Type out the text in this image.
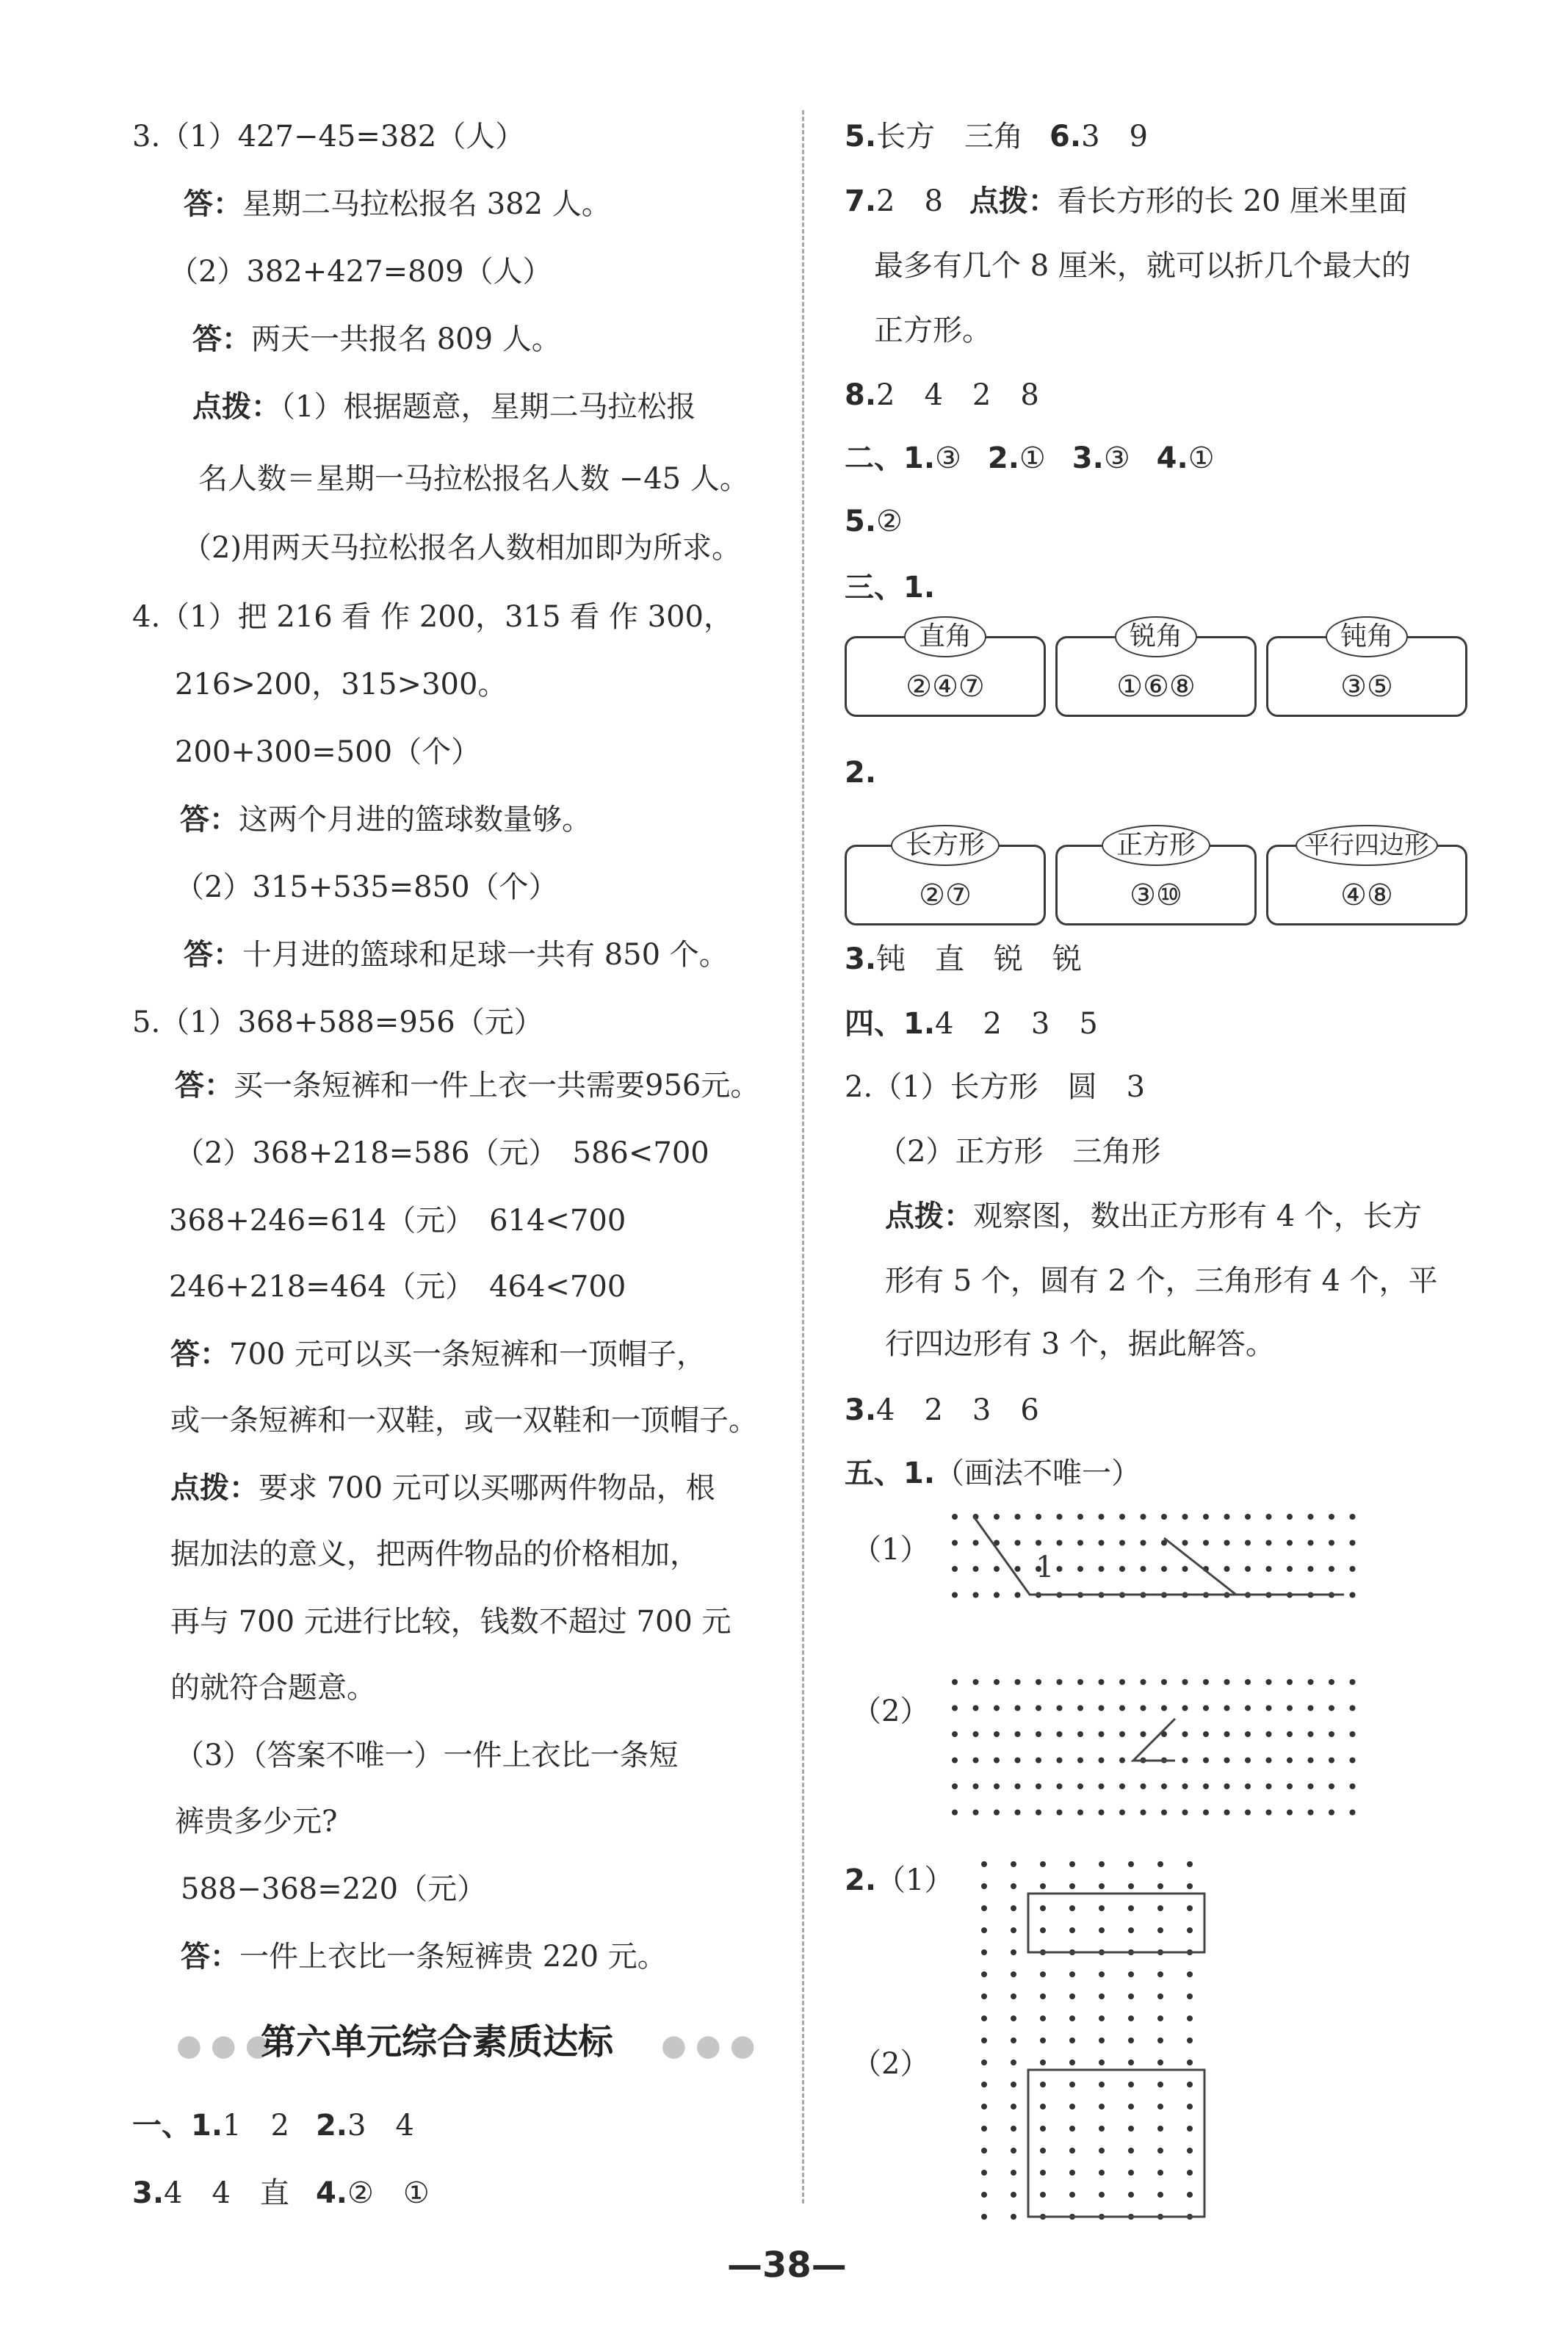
3.（1）427−45=382（人）
答：星期二马拉松报名 382 人。
（2）382+427=809（人）
答：两天一共报名 809 人。
点拨：（1）根据题意，星期二马拉松报
名人数＝星期一马拉松报名人数 −45 人。
（2)用两天马拉松报名人数相加即为所求。
4.（1）把 216 看 作 200，315 看 作 300，
216>200，315>300。
200+300=500（个）
答：这两个月进的篮球数量够。
（2）315+535=850（个）
答：十月进的篮球和足球一共有 850 个。
5.（1）368+588=956（元）
答：买一条短裤和一件上衣一共需要956元。
（2）368+218=586（元）　586<700
368+246=614（元）　614<700
246+218=464（元）　464<700
答：700 元可以买一条短裤和一顶帽子，
或一条短裤和一双鞋，或一双鞋和一顶帽子。
点拨：要求 700 元可以买哪两件物品，根
据加法的意义，把两件物品的价格相加，
再与 700 元进行比较，钱数不超过 700 元
的就符合题意。
（3）（答案不唯一）一件上衣比一条短
裤贵多少元?
588−368=220（元）
答：一件上衣比一条短裤贵 220 元。
●●●
第六单元综合素质达标 ●●●
一、1.1　2 2.3　4
3.4　4　直 4.②　①
5.长方　三角 6.3　9
7.2　8 点拨：看长方形的长 20 厘米里面
最多有几个 8 厘米，就可以折几个最大的
正方形。
8.2　4　2　8
二、1.③ 2.① 3.③ 4.①
5.②
三、1.
直角
②④⑦
锐角
①⑥⑧
钝角
③⑤
2.
长方形
②⑦
正方形
③⑩
平行四边形
④⑧
3.钝　直　锐　锐
四、1.4　2　3　5
2.（1）长方形　圆　3
（2）正方形　三角形
点拨：观察图，数出正方形有 4 个，长方
形有 5 个，圆有 2 个，三角形有 4 个，平
行四边形有 3 个，据此解答。
3.4　2　3　6
五、1.（画法不唯一）
（1）
1
（2）
2.（1）
（2）
—38—
